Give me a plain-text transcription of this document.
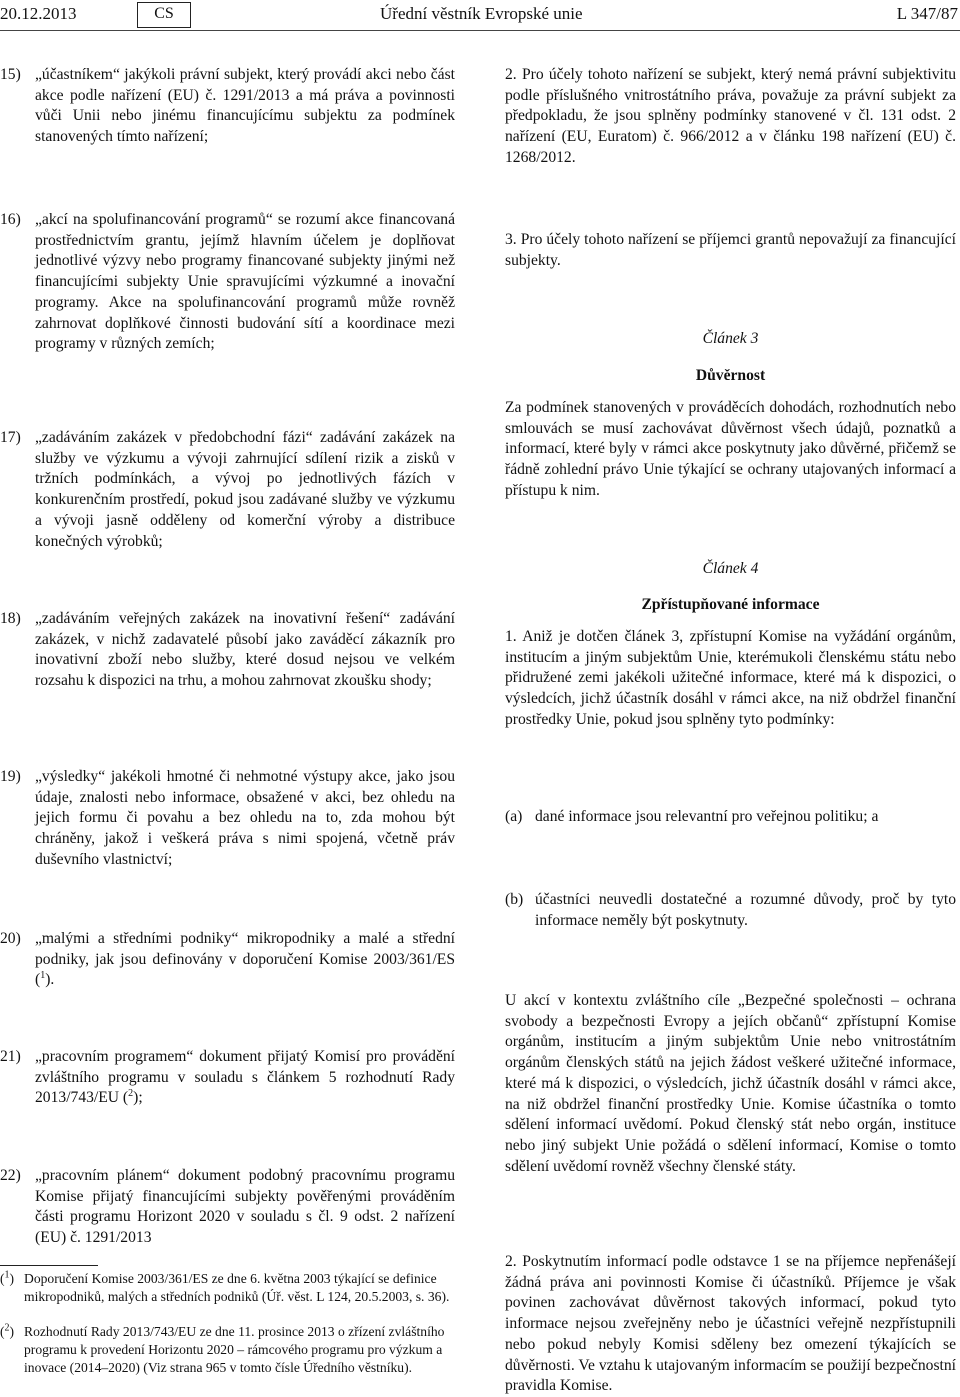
20.12.2013	CS	Úřední věstník Evropské unie	L 347/87
15) „účastníkem“ jakýkoli právní subjekt, který provádí akci nebo část akce podle nařízení (EU) č. 1291/2013 a má práva a povinnosti vůči Unii nebo jinému financujícímu subjektu za podmínek stanovených tímto nařízení;
16) „akcí na spolufinancování programů“ se rozumí akce financovaná prostřednictvím grantu, jejímž hlavním účelem je doplňovat jednotlivé výzvy nebo programy financované subjekty jinými než financujícími subjekty Unie spravujícími výzkumné a inovační programy. Akce na spolufinancování programů může rovněž zahrnovat doplňkové činnosti budování sítí a koordinace mezi programy v různých zemích;
17) „zadáváním zakázek v předobchodní fázi“ zadávání zakázek na služby ve výzkumu a vývoji zahrnující sdílení rizik a zisků v tržních podmínkách, a vývoj po jednotlivých fázích v konkurenčním prostředí, pokud jsou zadávané služby ve výzkumu a vývoji jasně odděleny od komerční výroby a distribuce konečných výrobků;
18) „zadáváním veřejných zakázek na inovativní řešení“ zadávání zakázek, v nichž zadavatelé působí jako zaváděcí zákazník pro inovativní zboží nebo služby, které dosud nejsou ve velkém rozsahu k dispozici na trhu, a mohou zahrnovat zkoušku shody;
19) „výsledky“ jakékoli hmotné či nehmotné výstupy akce, jako jsou údaje, znalosti nebo informace, obsažené v akci, bez ohledu na jejich formu či povahu a bez ohledu na to, zda mohou být chráněny, jakož i veškerá práva s nimi spojená, včetně práv duševního vlastnictví;
20) „malými a středními podniky“ mikropodniky a malé a střední podniky, jak jsou definovány v doporučení Komise 2003/361/ES ($^1$).
21) „pracovním programem“ dokument přijatý Komisí pro provádění zvláštního programu v souladu s článkem 5 rozhodnutí Rady 2013/743/EU ($^2$);
22) „pracovním plánem“ dokument podobný pracovnímu programu Komise přijatý financujícími subjekty pověřenými prováděním části programu Horizont 2020 v souladu s čl. 9 odst. 2 nařízení (EU) č. 1291/2013
($^1$) Doporučení Komise 2003/361/ES ze dne 6. května 2003 týkající se definice mikropodniků, malých a středních podniků (Úř. věst. L 124, 20.5.2003, s. 36).
($^2$) Rozhodnutí Rady 2013/743/EU ze dne 11. prosince 2013 o zřízení zvláštního programu k provedení Horizontu 2020 – rámcového programu pro výzkum a inovace (2014–2020) (Viz strana 965 v tomto čísle Úředního věstníku).
2. Pro účely tohoto nařízení se subjekt, který nemá právní subjektivitu podle příslušného vnitrostátního práva, považuje za právní subjekt za předpokladu, že jsou splněny podmínky stanovené v čl. 131 odst. 2 nařízení (EU, Euratom) č. 966/2012 a v článku 198 nařízení (EU) č. 1268/2012.
3. Pro účely tohoto nařízení se příjemci grantů nepovažují za financující subjekty.
Článek 3
Důvěrnost
Za podmínek stanovených v prováděcích dohodách, rozhodnutích nebo smlouvách se musí zachovávat důvěrnost všech údajů, poznatků a informací, které byly v rámci akce poskytnuty jako důvěrné, přičemž se řádně zohlední právo Unie týkající se ochrany utajovaných informací a přístupu k nim.
Článek 4
Zpřístupňované informace
1. Aniž je dotčen článek 3, zpřístupní Komise na vyžádání orgánům, institucím a jiným subjektům Unie, kterémukoli členskému státu nebo přidružené zemi jakékoli užitečné informace, které má k dispozici, o výsledcích, jichž účastník dosáhl v rámci akce, na niž obdržel finanční prostředky Unie, pokud jsou splněny tyto podmínky:
(a) dané informace jsou relevantní pro veřejnou politiku; a
(b) účastníci neuvedli dostatečné a rozumné důvody, proč by tyto informace neměly být poskytnuty.
U akcí v kontextu zvláštního cíle „Bezpečné společnosti – ochrana svobody a bezpečnosti Evropy a jejích občanů“ zpřístupní Komise orgánům, institucím a jiným subjektům Unie nebo vnitrostátním orgánům členských států na jejich žádost veškeré užitečné informace, které má k dispozici, o výsledcích, jichž účastník dosáhl v rámci akce, na niž obdržel finanční prostředky Unie. Komise účastníka o tomto sdělení informací uvědomí. Pokud členský stát nebo orgán, instituce nebo jiný subjekt Unie požádá o sdělení informací, Komise o tomto sdělení uvědomí rovněž všechny členské státy.
2. Poskytnutím informací podle odstavce 1 se na příjemce nepřenášejí žádná práva ani povinnosti Komise či účastníků. Příjemce je však povinen zachovávat důvěrnost takových informací, pokud tyto informace nejsou zveřejněny nebo je účastníci veřejně nezpřístupnili nebo pokud nebyly Komisi sděleny bez omezení týkajících se důvěrnosti. Ve vztahu k utajovaným informacím se použijí bezpečnostní pravidla Komise.
